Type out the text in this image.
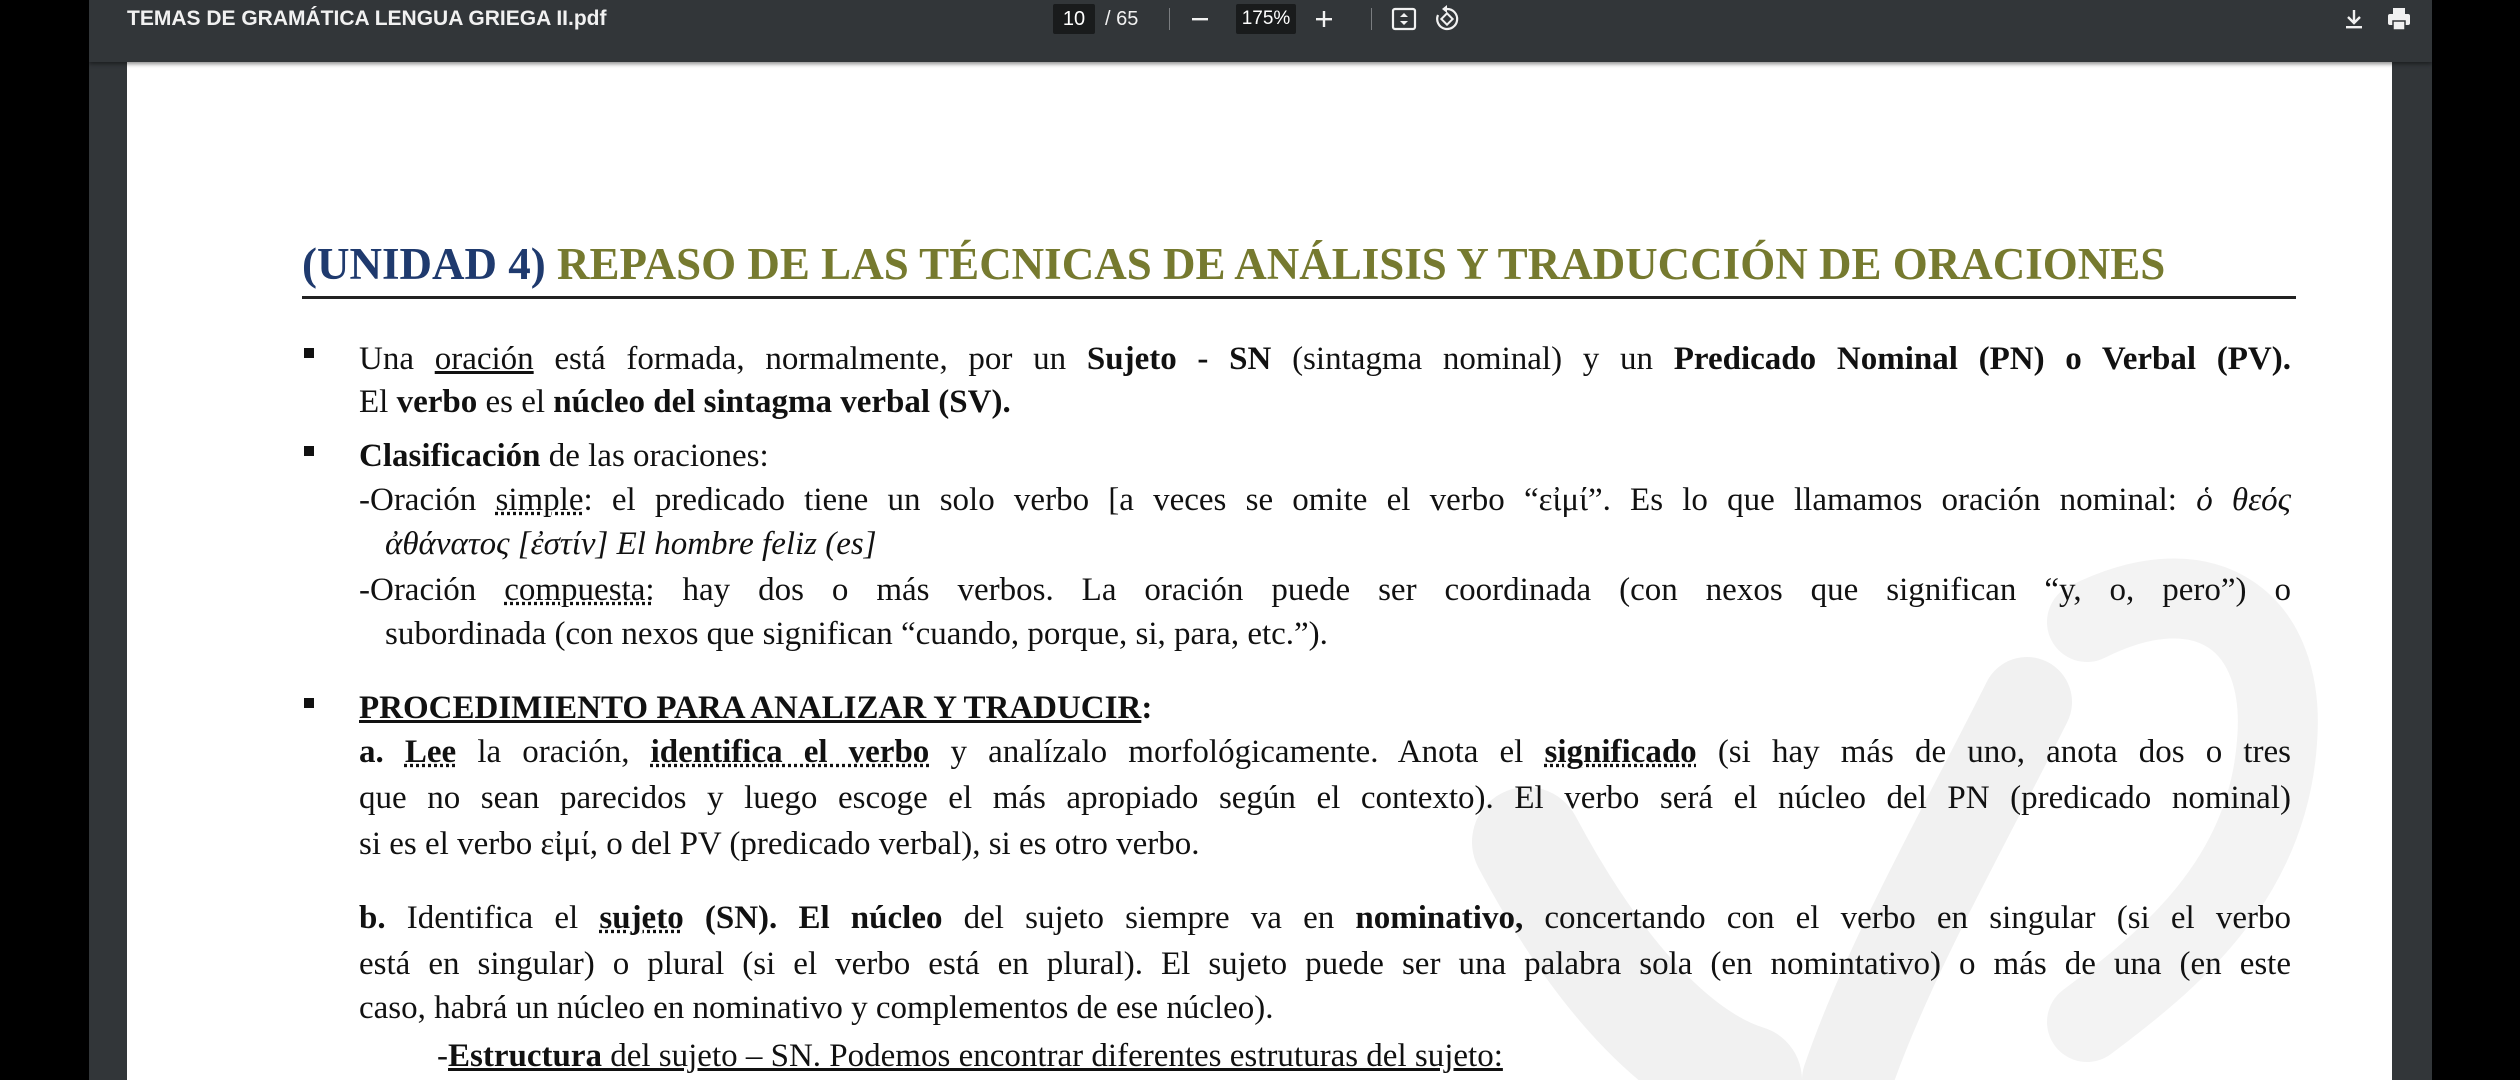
TEMAS DE GRAMÁTICA LENGUA GRIEGA II.pdf	10 / 65	175%
(UNIDAD 4) REPASO DE LAS TÉCNICAS DE ANÁLISIS Y TRADUCCIÓN DE ORACIONES
Una oración está formada, normalmente, por un Sujeto - SN (sintagma nominal) y un Predicado Nominal (PN) o Verbal (PV).
El verbo es el núcleo del sintagma verbal (SV).
Clasificación de las oraciones:
-Oración simple: el predicado tiene un solo verbo [a veces se omite el verbo “εἰμί”. Es lo que llamamos oración nominal: ὁ θεός
ἀθάνατος [ἐστίν] El hombre feliz (es]
-Oración compuesta: hay dos o más verbos. La oración puede ser coordinada (con nexos que significan “y, o, pero”) o
subordinada (con nexos que significan “cuando, porque, si, para, etc.”).
PROCEDIMIENTO PARA ANALIZAR Y TRADUCIR:
a. Lee la oración, identifica el verbo y analízalo morfológicamente. Anota el significado (si hay más de uno, anota dos o tres
que no sean parecidos y luego escoge el más apropiado según el contexto). El verbo será el núcleo del PN (predicado nominal)
si es el verbo εἰμί, o del PV (predicado verbal), si es otro verbo.
b. Identifica el sujeto (SN). El núcleo del sujeto siempre va en nominativo, concertando con el verbo en singular (si el verbo
está en singular) o plural (si el verbo está en plural). El sujeto puede ser una palabra sola (en nomintativo) o más de una (en este
caso, habrá un núcleo en nominativo y complementos de ese núcleo).
-Estructura del sujeto – SN. Podemos encontrar diferentes estruturas del sujeto:
